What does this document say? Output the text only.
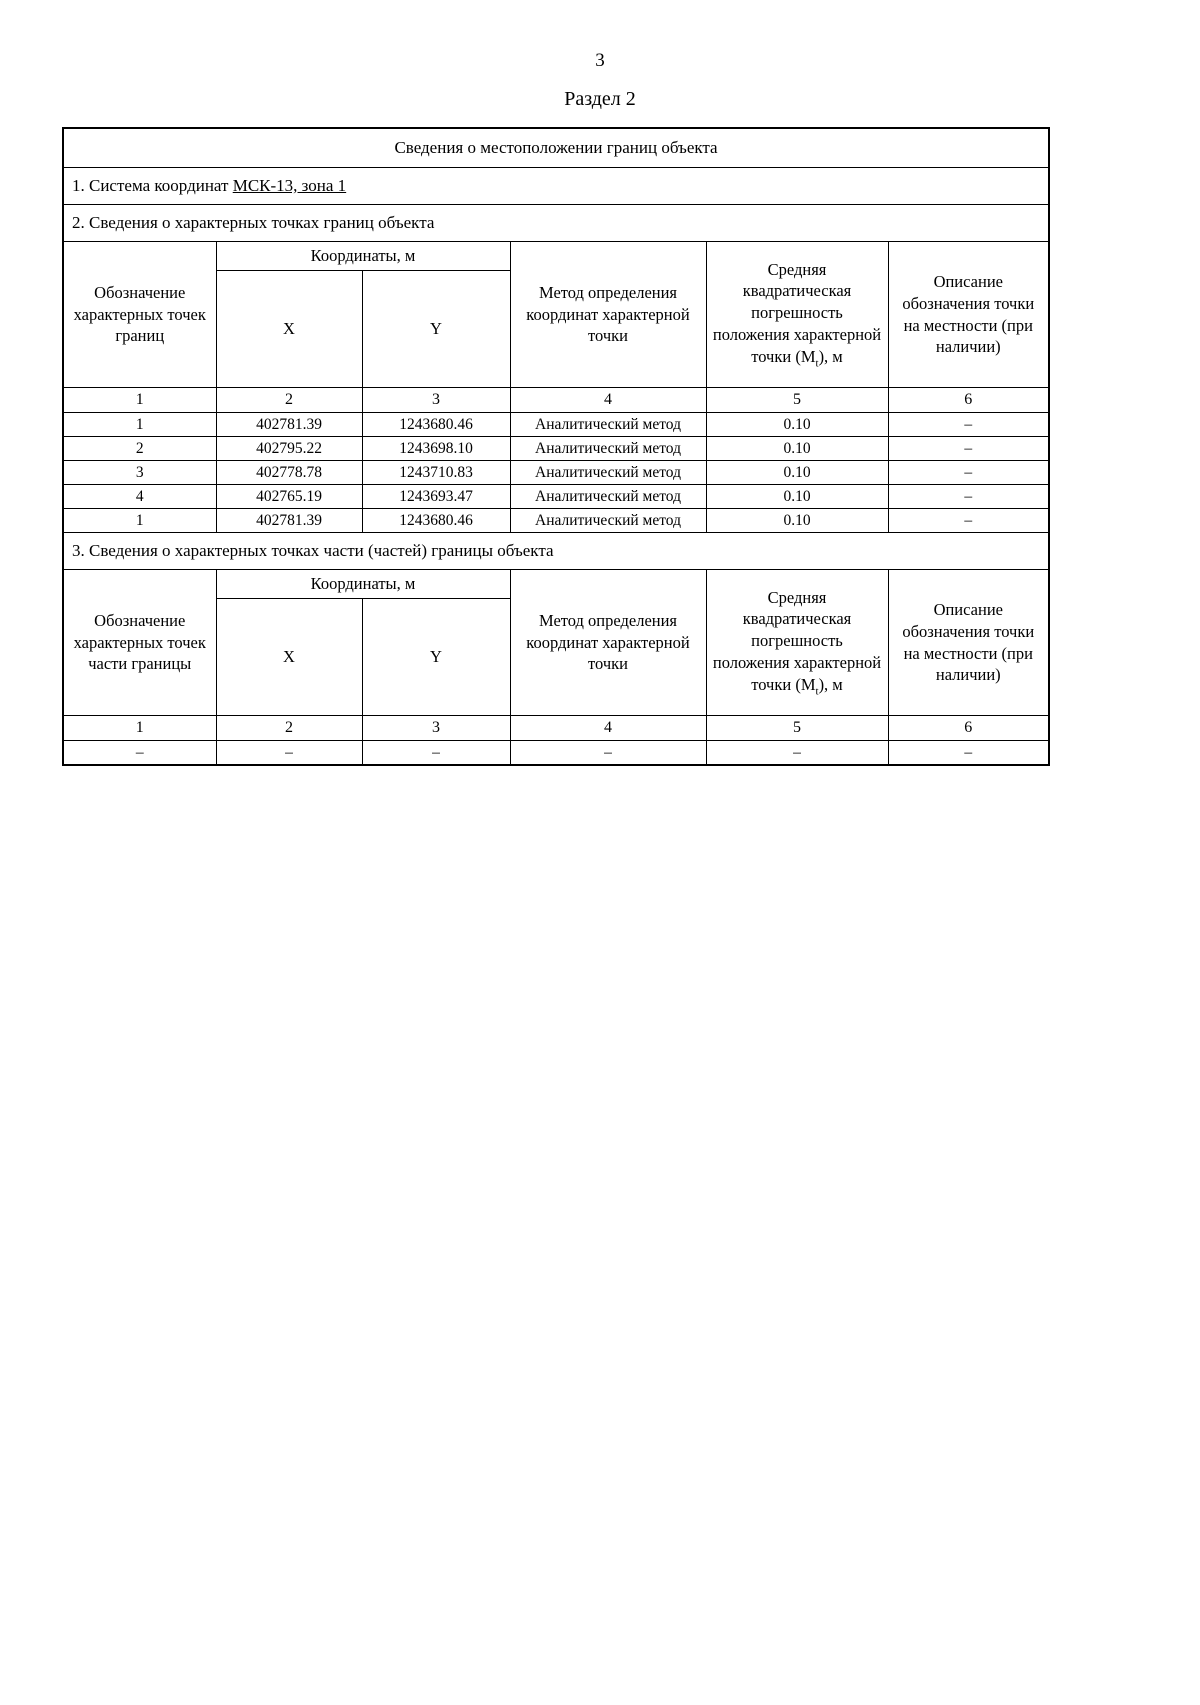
3
Раздел 2
Сведения о местоположении границ объекта					
1. Система координат МСК-13, зона 1					
2. Сведения о характерных точках границ объекта					
Обозначение характерных точек границ	Координаты, м		Метод определения координат характерной точки	Средняя квадратическая погрешность положения характерной точки $(M_t)$, м	Описание обозначения точки на местности (при наличии)
	X	Y			
1	2	3	4	5	6
1	402781.39	1243680.46	Аналитический метод	0.10	–
2	402795.22	1243698.10	Аналитический метод	0.10	–
3	402778.78	1243710.83	Аналитический метод	0.10	–
4	402765.19	1243693.47	Аналитический метод	0.10	–
1	402781.39	1243680.46	Аналитический метод	0.10	–
3. Сведения о характерных точках части (частей) границы объекта					
Обозначение характерных точек части границы	Координаты, м		Метод определения координат характерной точки	Средняя квадратическая погрешность положения характерной точки $(M_t)$, м	Описание обозначения точки на местности (при наличии)
	X	Y			
1	2	3	4	5	6
–	–	–	–	–	–
